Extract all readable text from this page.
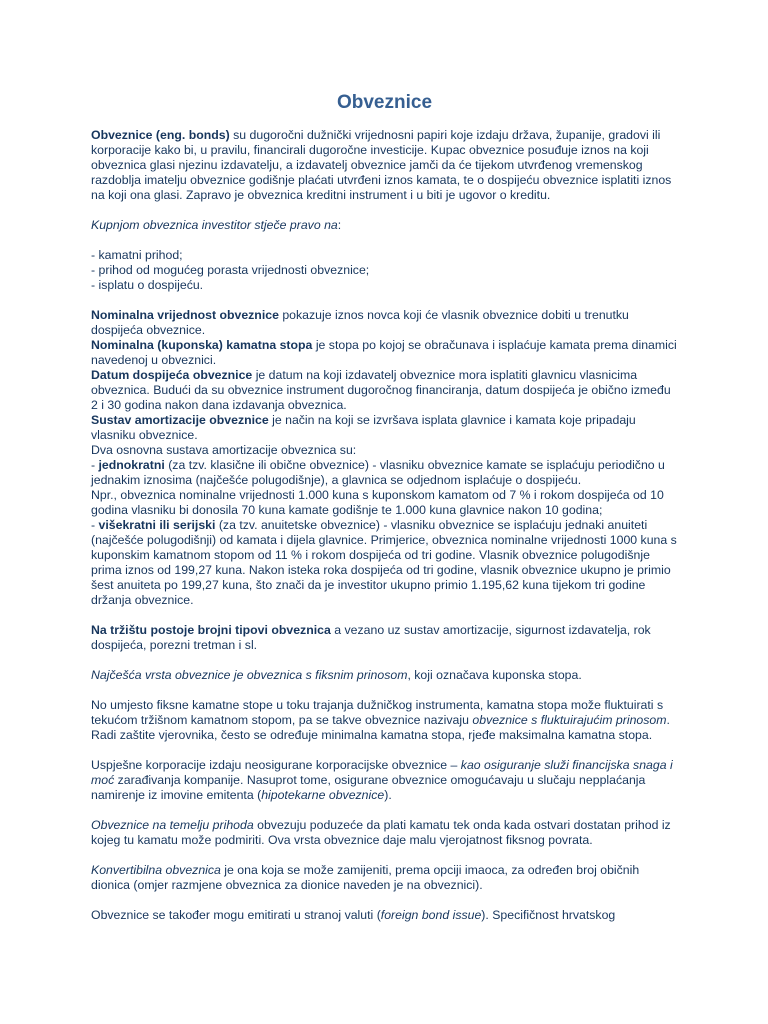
Obveznice

Obveznice (eng. bonds) su dugoročni dužnički vrijednosni papiri koje izdaju država, županije, gradovi ili korporacije kako bi, u pravilu, financirali dugoročne investicije. Kupac obveznice posuđuje iznos na koji obveznica glasi njezinu izdavatelju, a izdavatelj obveznice jamči da će tijekom utvrđenog vremenskog razdoblja imatelju obveznice godišnje plaćati utvrđeni iznos kamata, te o dospijeću obveznice isplatiti iznos na koji ona glasi. Zapravo je obveznica kreditni instrument i u biti je ugovor o kreditu.

Kupnjom obveznica investitor stječe pravo na:

- kamatni prihod;
- prihod od mogućeg porasta vrijednosti obveznice;
- isplatu o dospijeću.

Nominalna vrijednost obveznice pokazuje iznos novca koji će vlasnik obveznice dobiti u trenutku dospijeća obveznice.
Nominalna (kuponska) kamatna stopa je stopa po kojoj se obračunava i isplaćuje kamata prema dinamici navedenoj u obveznici.
Datum dospijeća obveznice je datum na koji izdavatelj obveznice mora isplatiti glavnicu vlasnicima obveznica. Budući da su obveznice instrument dugoročnog financiranja, datum dospijeća je obično između 2 i 30 godina nakon dana izdavanja obveznica.
Sustav amortizacije obveznice je način na koji se izvršava isplata glavnice i kamata koje pripadaju vlasniku obveznice.
Dva osnovna sustava amortizacije obveznica su:
- jednokratni (za tzv. klasične ili obične obveznice) - vlasniku obveznice kamate se isplaćuju periodično u jednakim iznosima (najčešće polugodišnje), a glavnica se odjednom isplaćuje o dospijeću.
Npr., obveznica nominalne vrijednosti 1.000 kuna s kuponskom kamatom od 7 % i rokom dospijeća od 10 godina vlasniku bi donosila 70 kuna kamate godišnje te 1.000 kuna glavnice nakon 10 godina;
- višekratni ili serijski (za tzv. anuitetske obveznice) - vlasniku obveznice se isplaćuju jednaki anuiteti (najčešće polugodišnji) od kamata i dijela glavnice. Primjerice, obveznica nominalne vrijednosti 1000 kuna s kuponskim kamatnom stopom od 11 % i rokom dospijeća od tri godine. Vlasnik obveznice polugodišnje prima iznos od 199,27 kuna. Nakon isteka roka dospijeća od tri godine, vlasnik obveznice ukupno je primio šest anuiteta po 199,27 kuna, što znači da je investitor ukupno primio 1.195,62 kuna tijekom tri godine držanja obveznice.

Na tržištu postoje brojni tipovi obveznica a vezano uz sustav amortizacije, sigurnost izdavatelja, rok dospijeća, porezni tretman i sl.

Najčešća vrsta obveznice je obveznica s fiksnim prinosom, koji označava kuponska stopa.

No umjesto fiksne kamatne stope u toku trajanja dužničkog instrumenta, kamatna stopa može fluktuirati s tekućom tržišnom kamatnom stopom, pa se takve obveznice nazivaju obveznice s fluktuirajućim prinosom. Radi zaštite vjerovnika, često se određuje minimalna kamatna stopa, rjeđe maksimalna kamatna stopa.

Uspješne korporacije izdaju neosigurane korporacijske obveznice – kao osiguranje služi financijska snaga i moć zarađivanja kompanije. Nasuprot tome, osigurane obveznice omogućavaju u slučaju nepplaćanja namirenje iz imovine emitenta (hipotekarne obveznice).

Obveznice na temelju prihoda obvezuju poduzeće da plati kamatu tek onda kada ostvari dostatan prihod iz kojeg tu kamatu može podmiriti. Ova vrsta obveznice daje malu vjerojatnost fiksnog povrata.

Konvertibilna obveznica je ona koja se može zamijeniti, prema opciji imaoca, za određen broj običnih dionica (omjer razmjene obveznica za dionice naveden je na obveznici).

Obveznice se također mogu emitirati u stranoj valuti (foreign bond issue). Specifičnost hrvatskog
